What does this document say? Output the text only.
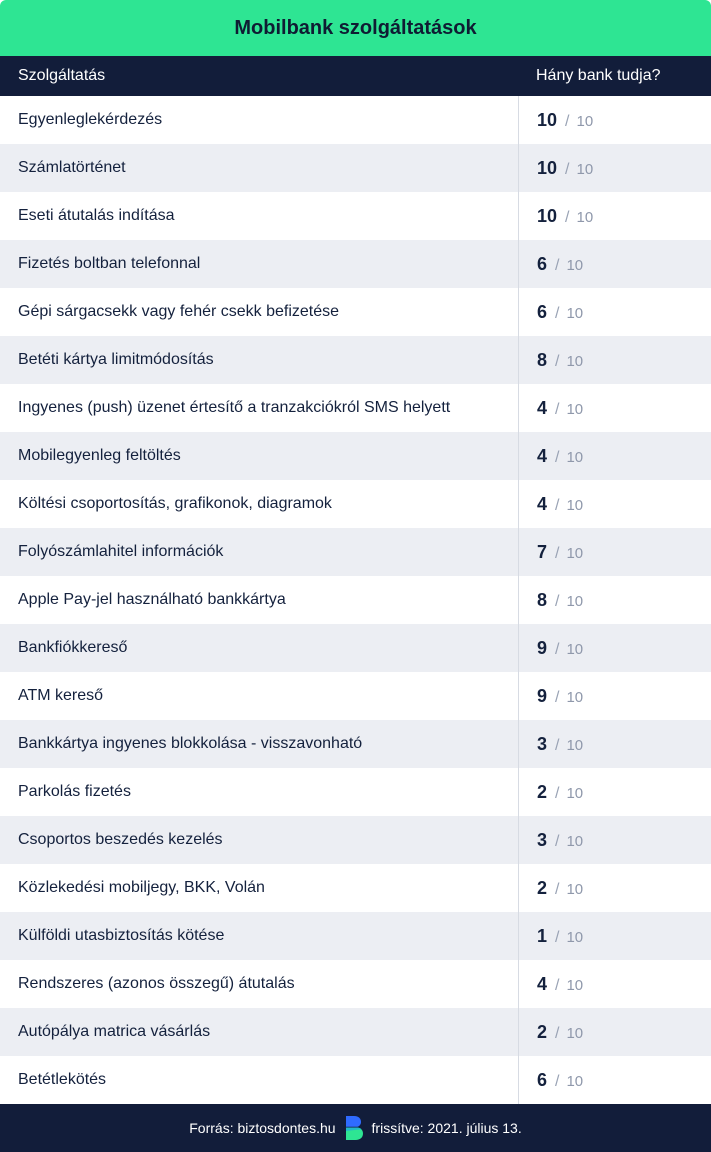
Mobilbank szolgáltatások
Szolgáltatás	Hány bank tudja?
Egyenleglekérdezés	10 / 10
Számlatörténet	10 / 10
Eseti átutalás indítása	10 / 10
Fizetés boltban telefonnal	6 / 10
Gépi sárgacsekk vagy fehér csekk befizetése	6 / 10
Betéti kártya limitmódosítás	8 / 10
Ingyenes (push) üzenet értesítő a tranzakciókról SMS helyett	4 / 10
Mobilegyenleg feltöltés	4 / 10
Költési csoportosítás, grafikonok, diagramok	4 / 10
Folyószámlahitel információk	7 / 10
Apple Pay-jel használható bankkártya	8 / 10
Bankfiókkereső	9 / 10
ATM kereső	9 / 10
Bankkártya ingyenes blokkolása - visszavonható	3 / 10
Parkolás fizetés	2 / 10
Csoportos beszedés kezelés	3 / 10
Közlekedési mobiljegy, BKK, Volán	2 / 10
Külföldi utasbiztosítás kötése	1 / 10
Rendszeres (azonos összegű) átutalás	4 / 10
Autópálya matrica vásárlás	2 / 10
Betétlekötés	6 / 10
Forrás: biztosdontes.hu	frissítve: 2021. július 13.
